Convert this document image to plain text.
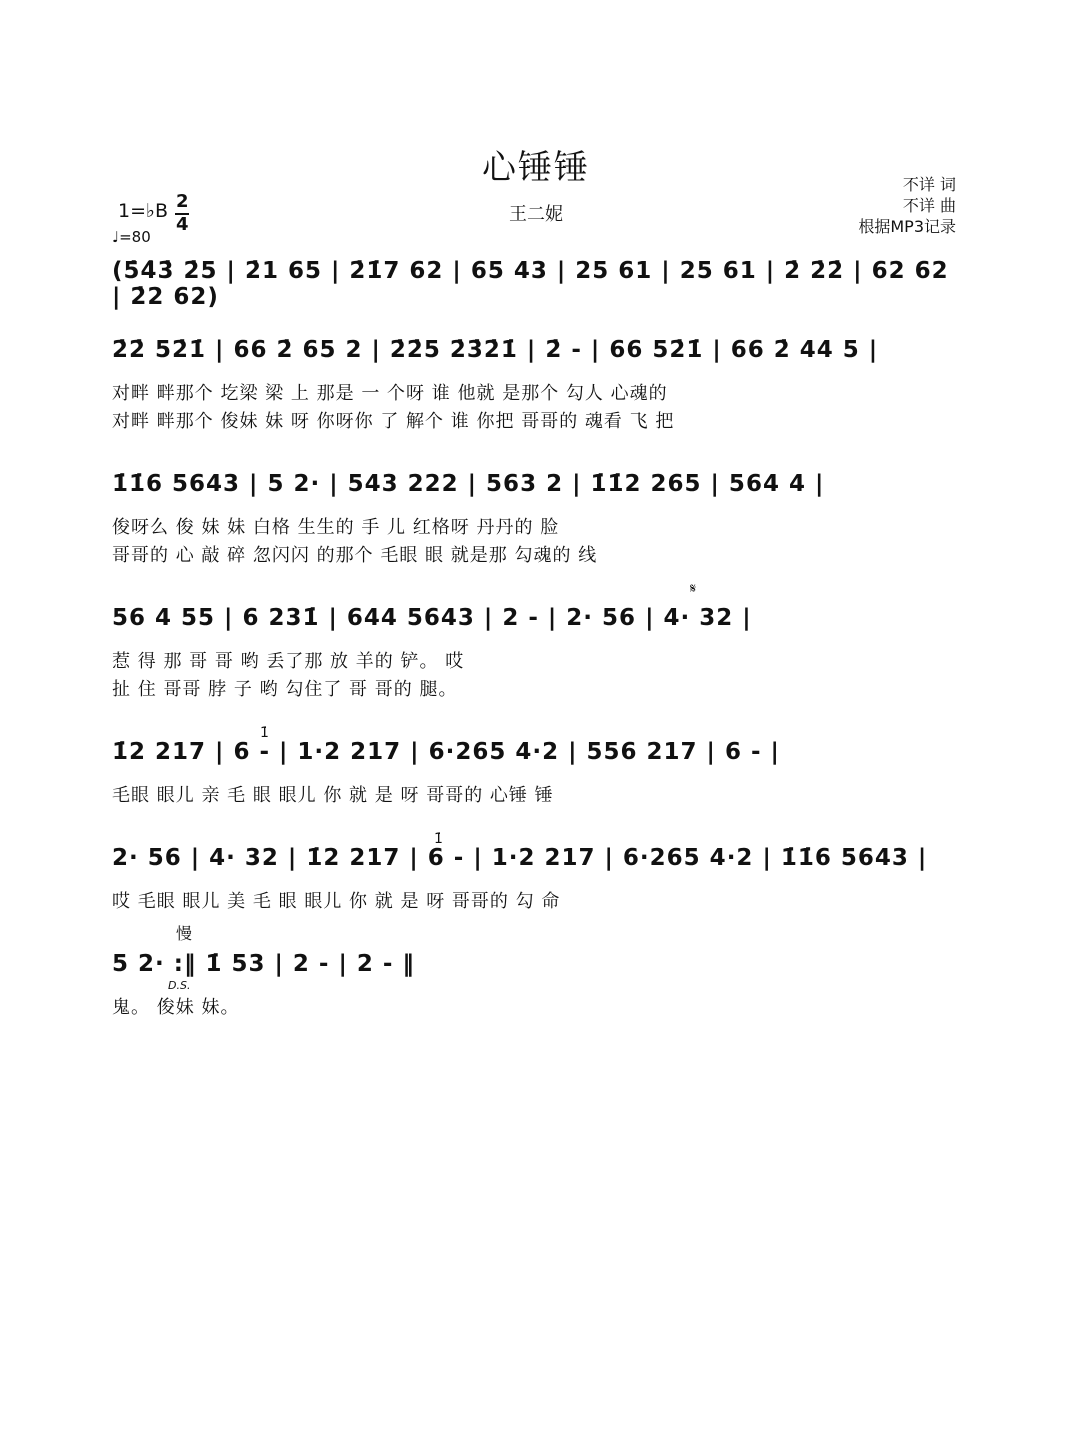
心锤锤
王二妮
不详 词
不详 曲
根据MP3记录
1=♭B 2
4
♩=80
(5̇4̇3̇ 2̇5 | 2̇1 65 | 2̇1̇7 62 | 65 43 | 25 61 | 25 61 | 2̇ 2̇2̇ | 62 62 | 2̇2 62)
2̇2̇ 52̇1̇ | 66 2̇ 65 2 | 2̇2̇5 2̇3̇2̇1̇ | 2̇ - | 66 52̇1̇ | 66 2̇ 44 5 |
对畔 畔那个 圪梁 梁 上 那是 一 个呀 谁 他就 是那个 勾人 心魂的
对畔 畔那个 俊妹 妹 呀 你呀你 了 解个 谁 你把 哥哥的 魂看 飞 把
1̇1̇6 5643 | 5 2· | 543 222 | 563 2 | 1̇1̇2 265 | 564 4 |
俊呀么 俊 妹 妹 白格 生生的 手 儿 红格呀 丹丹的 脸
哥哥的 心 敲 碎 忽闪闪 的那个 毛眼 眼 就是那 勾魂的 线
𝄋
56 4 55 | 6 231̇ | 644 5643 | 2 - | 2· 56 | 4· 32 |
惹 得 那 哥 哥 哟 丢了那 放 羊的 铲。 哎
扯 住 哥哥 脖 子 哟 勾住了 哥 哥的 腿。
1̇
1̇2 217 | 6 - | 1·2 217 | 6·265 4·2 | 556 217 | 6 - |
毛眼 眼儿 亲 毛 眼 眼儿 你 就 是 呀 哥哥的 心锤 锤
1̇
2· 56 | 4· 32 | 1̇2 217 | 6 - | 1·2 217 | 6·265 4·2 | 1̇1̇6 5643 |
哎 毛眼 眼儿 美 毛 眼 眼儿 你 就 是 呀 哥哥的 勾 命
慢
D.S.
5 2· :‖ 1̇ 53 | 2 - | 2 - ‖
鬼。 俊妹 妹。
